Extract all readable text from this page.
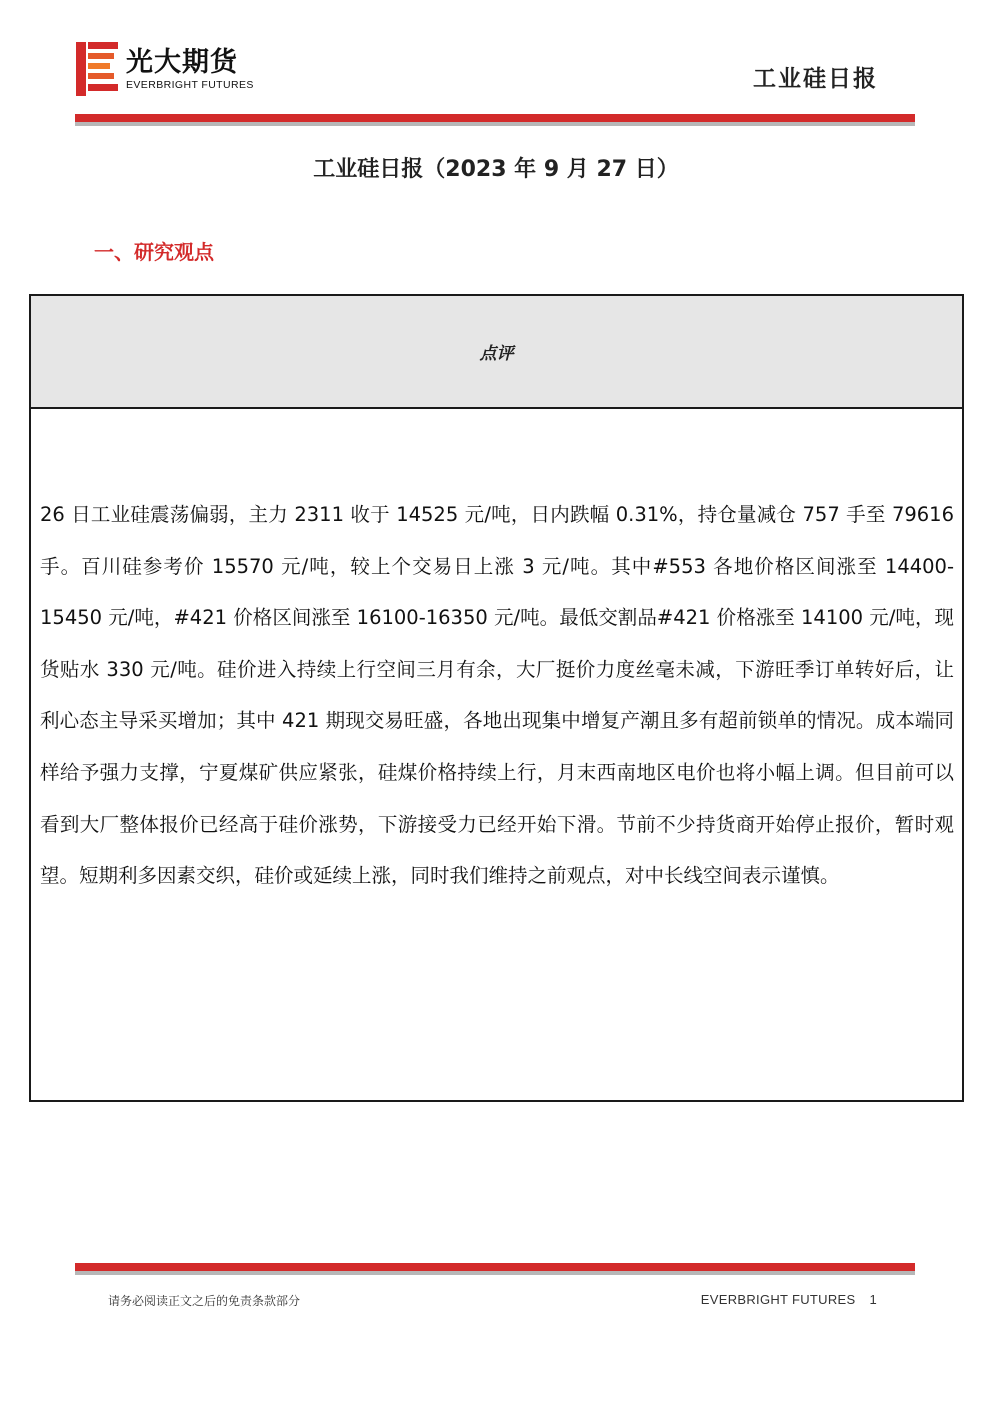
光大期货
EVERBRIGHT FUTURES	工业硅日报
工业硅日报（2023 年 9 月 27 日）
一、研究观点
点评
26 日工业硅震荡偏弱，主力 2311 收于 14525 元/吨，日内跌幅 0.31%，持仓量减仓 757 手至 79616 手。百川硅参考价 15570 元/吨，较上个交易日上涨 3 元/吨。其中#553 各地价格区间涨至 14400-15450 元/吨，#421 价格区间涨至 16100-16350 元/吨。最低交割品#421 价格涨至 14100 元/吨，现货贴水 330 元/吨。硅价进入持续上行空间三月有余，大厂挺价力度丝毫未减，下游旺季订单转好后，让利心态主导采买增加；其中 421 期现交易旺盛，各地出现集中增复产潮且多有超前锁单的情况。成本端同样给予强力支撑，宁夏煤矿供应紧张，硅煤价格持续上行，月末西南地区电价也将小幅上调。但目前可以看到大厂整体报价已经高于硅价涨势，下游接受力已经开始下滑。节前不少持货商开始停止报价，暂时观望。短期利多因素交织，硅价或延续上涨，同时我们维持之前观点，对中长线空间表示谨慎。
请务必阅读正文之后的免责条款部分	EVERBRIGHT FUTURES 1
